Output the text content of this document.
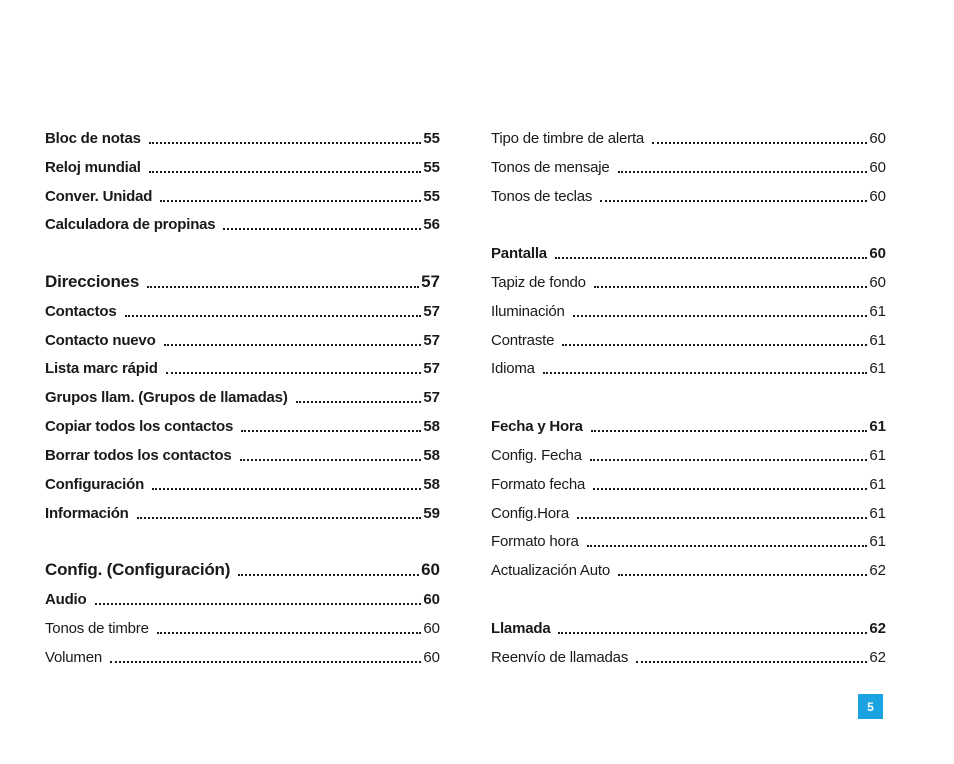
Bloc de notas	55
Reloj mundial	55
Conver. Unidad	55
Calculadora de propinas	56
Direcciones	57
Contactos	57
Contacto nuevo	57
Lista marc rápid	57
Grupos llam. (Grupos de llamadas)	57
Copiar todos los contactos	58
Borrar todos los contactos	58
Configuración	58
Información	59
Config. (Configuración)	60
Audio	60
Tonos de timbre	60
Volumen	60
Tipo de timbre de alerta	60
Tonos de mensaje	60
Tonos de teclas	60
Pantalla	60
Tapiz de fondo	60
Iluminación	61
Contraste	61
Idioma	61
Fecha y Hora	61
Config. Fecha	61
Formato fecha	61
Config.Hora	61
Formato hora	61
Actualización Auto	62
Llamada	62
Reenvío de llamadas	62
5
